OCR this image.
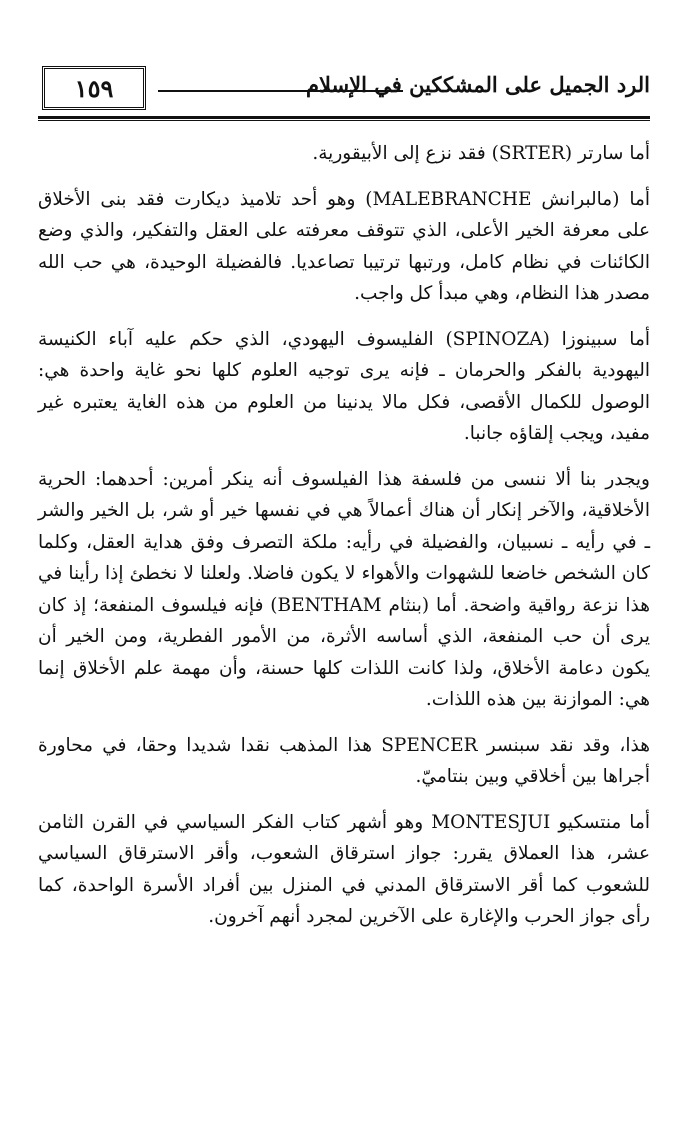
١٥٩	الرد الجميل على المشككين في الإسلام

أما سارتر (SRTER) فقد نزع إلى الأبيقورية.

أما (مالبرانش MALEBRANCHE) وهو أحد تلاميذ ديكارت فقد بنى الأخلاق على معرفة الخير الأعلى، الذي تتوقف معرفته على العقل والتفكير، والذي وضع الكائنات في نظام كامل، ورتبها ترتيبا تصاعديا. فالفضيلة الوحيدة، هي حب الله مصدر هذا النظام، وهي مبدأ كل واجب.

أما سبينوزا (SPINOZA) الفليسوف اليهودي، الذي حكم عليه آباء الكنيسة اليهودية بالفكر والحرمان ـ فإنه يرى توجيه العلوم كلها نحو غاية واحدة هي: الوصول للكمال الأقصى، فكل مالا يدنينا من العلوم من هذه الغاية يعتبره غير مفيد، ويجب إلقاؤه جانبا.

ويجدر بنا ألا ننسى من فلسفة هذا الفيلسوف أنه ينكر أمرين: أحدهما: الحرية الأخلاقية، والآخر إنكار أن هناك أعمالاً هي في نفسها خير أو شر، بل الخير والشر ـ في رأيه ـ نسبيان، والفضيلة في رأيه: ملكة التصرف وفق هداية العقل، وكلما كان الشخص خاضعا للشهوات والأهواء لا يكون فاضلا. ولعلنا لا نخطئ إذا رأينا في هذا نزعة رواقية واضحة. أما (بنثام BENTHAM) فإنه فيلسوف المنفعة؛ إذ كان يرى أن حب المنفعة، الذي أساسه الأثرة، من الأمور الفطرية، ومن الخير أن يكون دعامة الأخلاق، ولذا كانت اللذات كلها حسنة، وأن مهمة علم الأخلاق إنما هي: الموازنة بين هذه اللذات.

هذا، وقد نقد سبنسر SPENCER هذا المذهب نقدا شديدا وحقا، في محاورة أجراها بين أخلاقي وبين بنتاميّ.

أما منتسكيو MONTESJUI وهو أشهر كتاب الفكر السياسي في القرن الثامن عشر، هذا العملاق يقرر: جواز استرقاق الشعوب، وأقر الاسترقاق السياسي للشعوب كما أقر الاسترقاق المدني في المنزل بين أفراد الأسرة الواحدة، كما رأى جواز الحرب والإغارة على الآخرين لمجرد أنهم آخرون.
